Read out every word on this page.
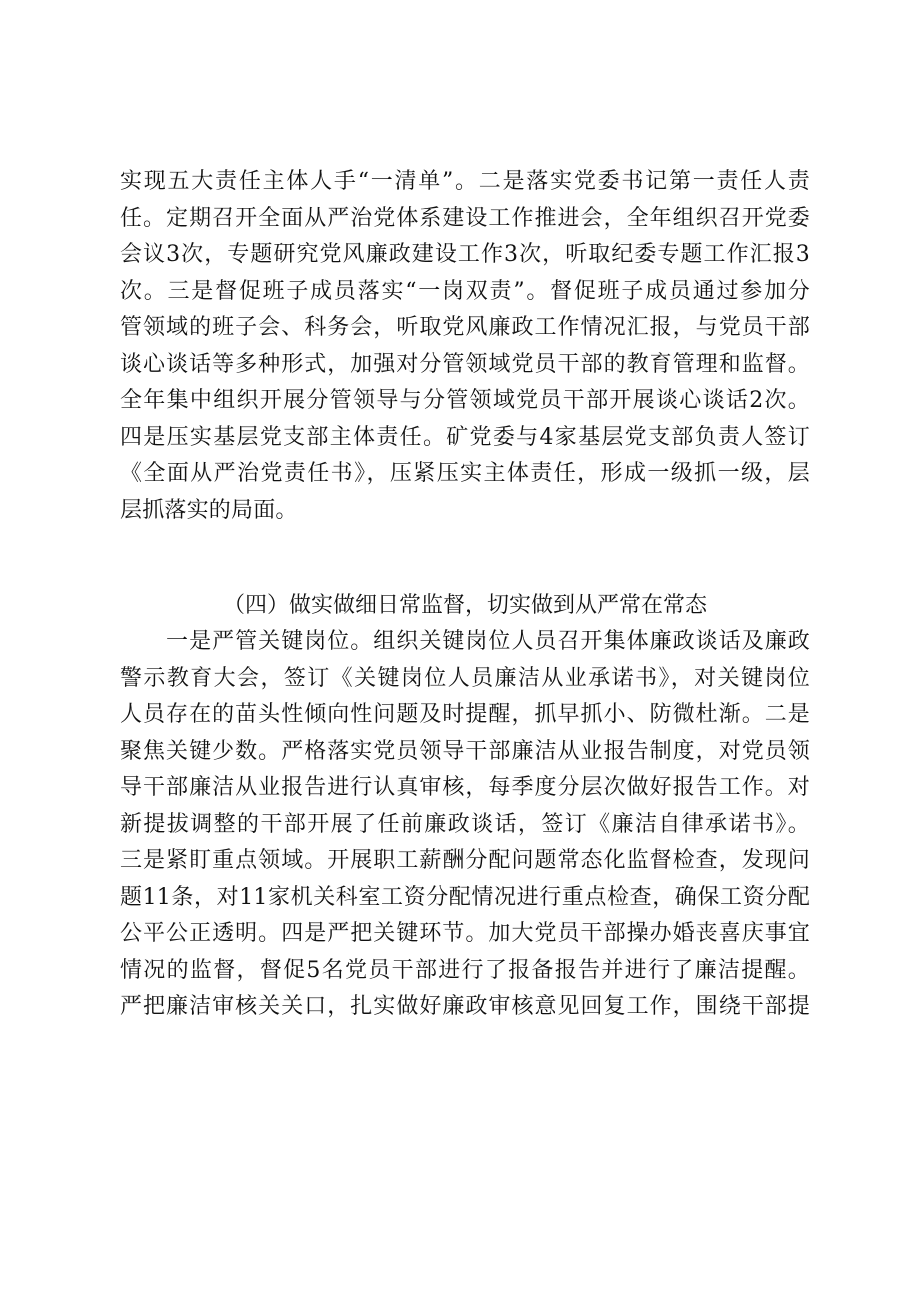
实现五大责任主体人手“一清单”。二是落实党委书记第一责任人责
任。定期召开全面从严治党体系建设工作推进会，全年组织召开党委
会议3次，专题研究党风廉政建设工作3次，听取纪委专题工作汇报3
次。三是督促班子成员落实“一岗双责”。督促班子成员通过参加分
管领域的班子会、科务会，听取党风廉政工作情况汇报，与党员干部
谈心谈话等多种形式，加强对分管领域党员干部的教育管理和监督。
全年集中组织开展分管领导与分管领域党员干部开展谈心谈话2次。
四是压实基层党支部主体责任。矿党委与4家基层党支部负责人签订
《全面从严治党责任书》，压紧压实主体责任，形成一级抓一级，层
层抓落实的局面。
（四）做实做细日常监督，切实做到从严常在常态
　　一是严管关键岗位。组织关键岗位人员召开集体廉政谈话及廉政
警示教育大会，签订《关键岗位人员廉洁从业承诺书》，对关键岗位
人员存在的苗头性倾向性问题及时提醒，抓早抓小、防微杜渐。二是
聚焦关键少数。严格落实党员领导干部廉洁从业报告制度，对党员领
导干部廉洁从业报告进行认真审核，每季度分层次做好报告工作。对
新提拔调整的干部开展了任前廉政谈话，签订《廉洁自律承诺书》。
三是紧盯重点领域。开展职工薪酬分配问题常态化监督检查，发现问
题11条，对11家机关科室工资分配情况进行重点检查，确保工资分配
公平公正透明。四是严把关键环节。加大党员干部操办婚丧喜庆事宜
情况的监督，督促5名党员干部进行了报备报告并进行了廉洁提醒。
严把廉洁审核关关口，扎实做好廉政审核意见回复工作，围绕干部提
